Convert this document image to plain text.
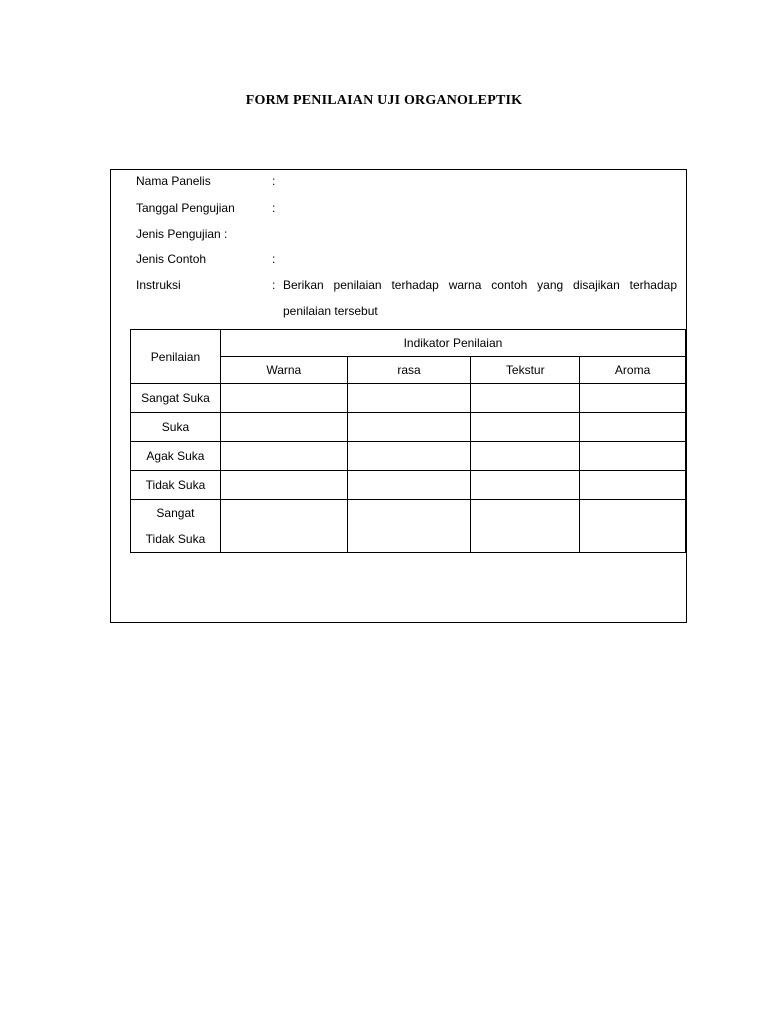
FORM PENILAIAN UJI ORGANOLEPTIK
Nama Panelis	:
Tanggal Pengujian	:
Jenis Pengujian :
Jenis Contoh	:
Instruksi	: Berikan penilaian terhadap warna contoh yang disajikan terhadap penilaian tersebut
Penilaian	Indikator Penilaian			
	Warna	rasa	Tekstur	Aroma
Sangat Suka				
Suka				
Agak Suka				
Tidak Suka				

Sangat Tidak Suka				
